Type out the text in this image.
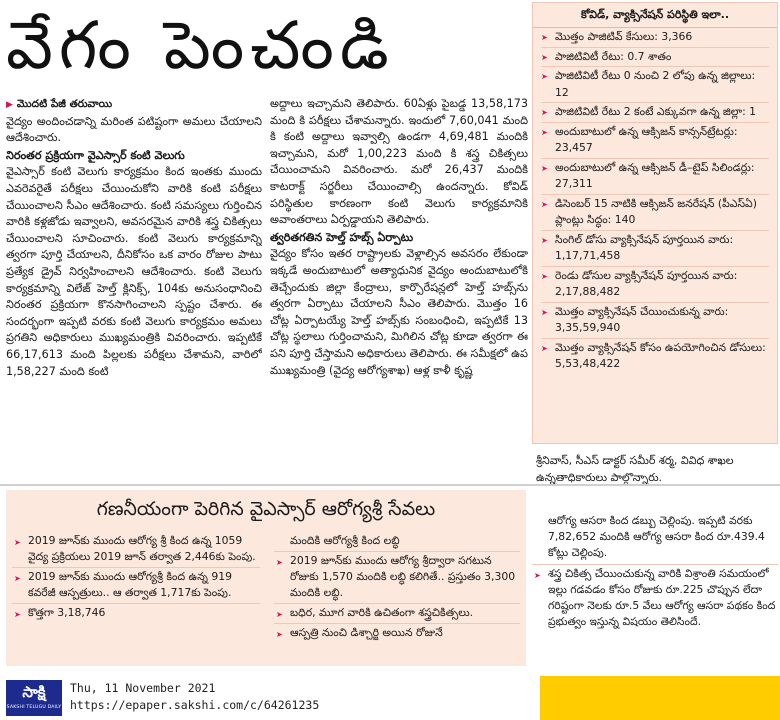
వేగం పెంచండి
▶ మొదటి పేజీ తరువాయి

వైద్యం అందించడాన్ని మరింత పటిష్టంగా అమలు చేయాలని ఆదేశించారు.

నిరంతర ప్రక్రియగా వైఎస్సార్‌ కంటి వెలుగు

వైఎస్సార్‌ కంటి వెలుగు కార్యక్రమం కింద ఇంతకు ముందు ఎవరెవరైతే పరీక్షలు చేయించుకోని వారికి కంటి పరీక్షలు చేయించాలని సీఎం ఆదేశించారు. కంటి సమస్యలు గుర్తించిన వారికి కళ్లజోడు ఇవ్వాలని, అవసరమైన వారికి శస్త్ర చికిత్సలు చేయించాలని సూచించారు. కంటి వెలుగు కార్యక్రమాన్ని త్వరగా పూర్తి చేయాలని, దీనికోసం ఒక వారం రోజుల పాటు ప్రత్యేక డ్రైవ్‌ నిర్వహించాలని ఆదేశించారు. కంటి వెలుగు కార్యక్రమాన్ని విలేజ్‌ హెల్త్‌ క్లినిక్స్‌, 104కు అనుసంధానించి నిరంతర ప్రక్రియగా కొనసాగించాలని స్పష్టం చేశారు. ఈ సందర్భంగా ఇప్పటి వరకు కంటి వెలుగు కార్యక్రమం అమలు ప్రగతిని అధికారులు ముఖ్యమంత్రికి వివరించారు. ఇప్పటికే 66,17,613 మంది పిల్లలకు పరీక్షలు చేశామని, వారిలో 1,58,227 మంది కంటి

అద్దాలు ఇచ్చామని తెలిపారు. 60ఏళ్లు పైబడ్డ 13,58,173 మంది కి పరీక్షలు చేశామన్నారు. ఇందులో 7,60,041 మంది కి కంటి అద్దాలు ఇవ్వాల్సి ఉండగా 4,69,481 మందికి ఇచ్చామని, మరో 1,00,223 మంది కి శస్త్ర చికిత్సలు చేయించామని వివరించారు. మరో 26,437 మందికి కాటరాక్ట్‌ సర్జరీలు చేయించాల్సి ఉందన్నారు. కోవిడ్‌ పరిస్థితుల కారణంగా కంటి వెలుగు కార్యక్రమానికి అవాంతరాలు ఏర్పడ్డాయని తెలిపారు.

త్వరితగతిన హెల్త్‌ హబ్స్‌ ఏర్పాటు

వైద్యం కోసం ఇతర రాష్ట్రాలకు వెళ్లాల్సిన అవసరం లేకుండా ఇక్కడే అందుబాటులో అత్యాధునిక వైద్యం అందుబాటులోకి తెచ్చేందుకు జిల్లా కేంద్రాలు, కార్పొరేషన్లలో హెల్త్‌ హబ్స్‌ను త్వరగా ఏర్పాటు చేయాలని సీఎం తెలిపారు. మొత్తం 16 చోట్ల ఏర్పాటయ్యే హెల్త్‌ హబ్స్‌కు సంబంధించి, ఇప్పటికే 13 చోట్ల స్థలాలు గుర్తించామని, మిగిలిన చోట్ల కూడా త్వరగా ఈ పని పూర్తి చేస్తామని అధికారులు తెలిపారు. ఈ సమీక్షలో ఉప ముఖ్యమంత్రి (వైద్య ఆరోగ్యశాఖ) ఆళ్ల కాళీ కృష్ణ

కోవిడ్‌, వ్యాక్సినేషన్‌ పరిస్థితి ఇలా..
➤ మొత్తం పాజిటివ్‌ కేసులు: 3,366
➤ పాజిటివిటీ రేటు: 0.7 శాతం
➤ పాజిటివిటీ రేటు 0 నుంచి 2 లోపు ఉన్న జిల్లాలు: 12
➤ పాజిటివిటీ రేటు 2 కంటే ఎక్కువగా ఉన్న జిల్లా: 1
➤ అందుబాటులో ఉన్న ఆక్సిజన్‌ కాన్సన్‌ట్రేటర్లు: 23,457
➤ అందుబాటులో ఉన్న ఆక్సిజన్‌ డీ–టైప్‌ సిలిండర్లు: 27,311
➤ డిసెంబర్‌ 15 నాటికి ఆక్సిజన్‌ జనరేషన్‌ (పీఎస్‌ఏ) ప్లాంట్లు సిద్ధం: 140
➤ సింగిల్‌ డోసు వ్యాక్సినేషన్‌ పూర్తయిన వారు: 1,17,71,458
➤ రెండు డోసుల వ్యాక్సినేషన్‌ పూర్తయిన వారు: 2,17,88,482
➤ మొత్తం వ్యాక్సినేషన్‌ చేయించుకున్న వారు: 3,35,59,940
➤ మొత్తం వ్యాక్సినేషన్‌ కోసం ఉపయోగించిన డోసులు: 5,53,48,422
శ్రీనివాస్‌, సీఎస్‌ డాక్టర్‌ సమీర్‌ శర్మ, వివిధ శాఖల ఉన్నతాధికారులు పాల్గొన్నారు.
గణనీయంగా పెరిగిన వైఎస్సార్‌ ఆరోగ్యశ్రీ సేవలు
➤ 2019 జూన్‌కు ముందు ఆరోగ్య శ్రీ కింద ఉన్న 1059 వైద్య ప్రక్రియలు 2019 జూన్‌ తర్వాత 2,446కు పెంపు.
➤ 2019 జూన్‌కు ముందు ఆరోగ్యశ్రీ కింద ఉన్న 919 కవరేజీ ఆస్పత్రులు.. ఆ తర్వాత 1,717కు పెంపు.
➤ కొత్తగా 3,18,746
మందికి ఆరోగ్యశ్రీ కింద లబ్ధి
➤ 2019 జూన్‌కు ముందు ఆరోగ్య శ్రీద్వారా సగటున రోజుకు 1,570 మందికి లబ్ధి కలిగితే.. ప్రస్తుతం 3,300 మందికి లబ్ధి.
➤ బధిర, మూగ వారికి ఉచితంగా శస్త్రచికిత్సలు.
➤ ఆస్పత్రి నుంచి డిశ్చార్జి అయిన రోజునే
ఆరోగ్య ఆసరా కింద డబ్బు చెల్లింపు. ఇప్పటి వరకు 7,82,652 మందికి ఆరోగ్య ఆసరా కింద రూ.439.4 కోట్లు చెల్లింపు.
➤ శస్త్ర చికిత్స చేయించుకున్న వారికి విశ్రాంతి సమయంలో ఇల్లు గడవడం కోసం రోజుకు రూ.225 చొప్పున లేదా గరిష్టంగా నెలకు రూ.5 వేలు ఆరోగ్య ఆసరా పథకం కింద ప్రభుత్వం ఇస్తున్న విషయం తెలిసిందే.
సాక్షి
SAKSHI TELUGU DAILY
Thu, 11 November 2021
https://epaper.sakshi.com/c/64261235
